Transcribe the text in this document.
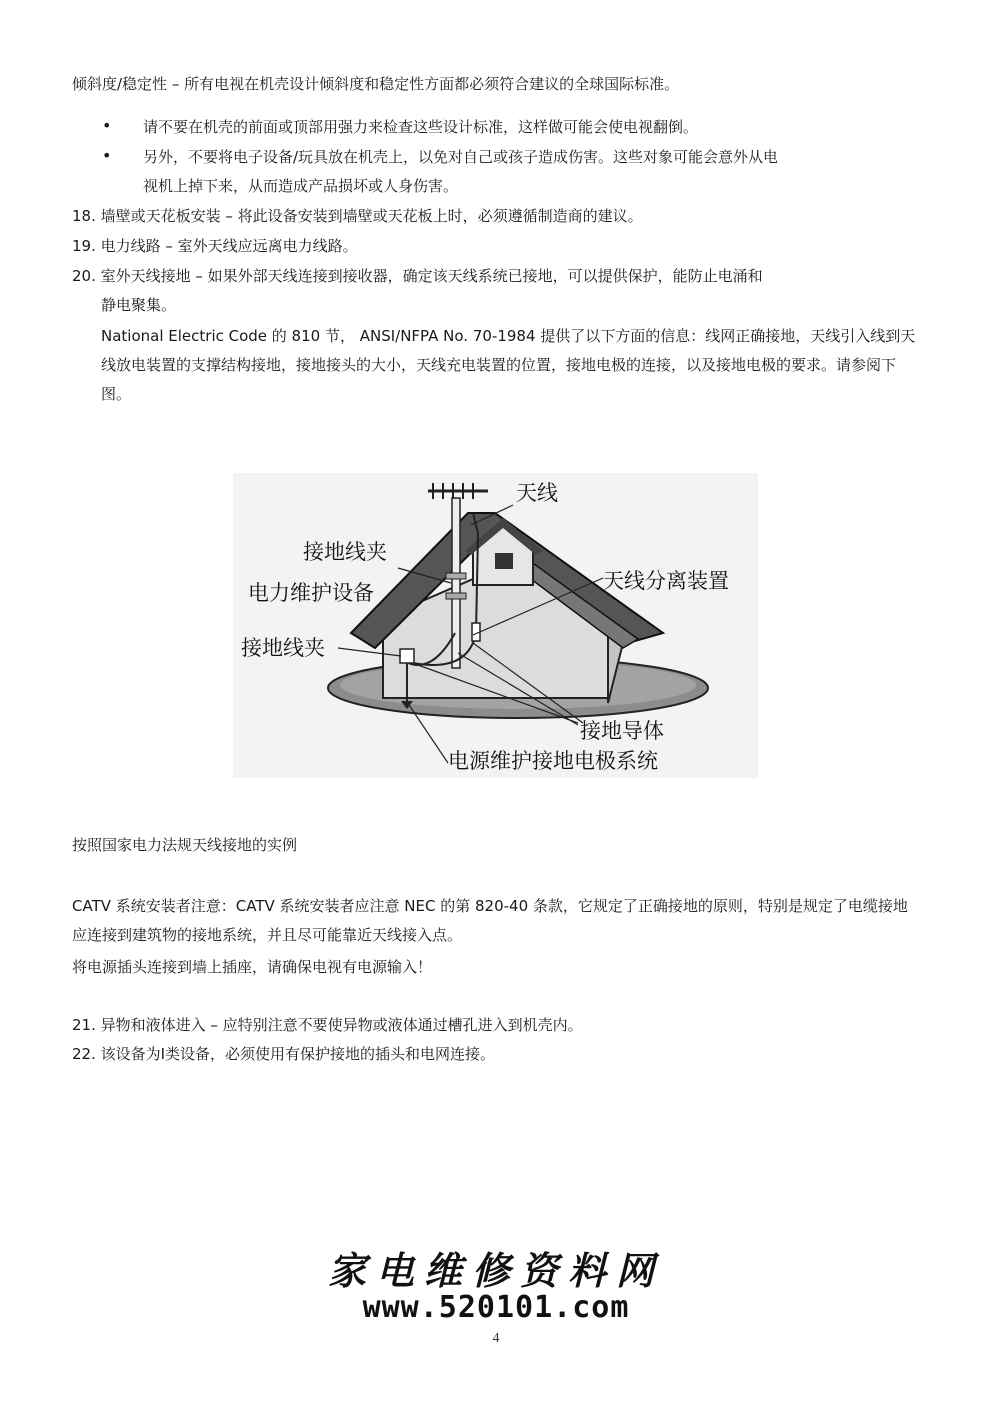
倾斜度/稳定性 – 所有电视在机壳设计倾斜度和稳定性方面都必须符合建议的全球国际标准。
• 请不要在机壳的前面或顶部用强力来检查这些设计标准，这样做可能会使电视翻倒。
• 另外，不要将电子设备/玩具放在机壳上，以免对自己或孩子造成伤害。这些对象可能会意外从电
视机上掉下来，从而造成产品损坏或人身伤害。
18. 墙壁或天花板安装 – 将此设备安装到墙壁或天花板上时，必须遵循制造商的建议。
19. 电力线路 – 室外天线应远离电力线路。
20. 室外天线接地 – 如果外部天线连接到接收器，确定该天线系统已接地，可以提供保护，能防止电涌和
静电聚集。
National Electric Code 的 810 节， ANSI/NFPA No. 70-1984 提供了以下方面的信息：线网正确接地，天线引入线到天线放电装置的支撑结构接地，接地接头的大小，天线充电装置的位置，接地电极的连接，以及接地电极的要求。请参阅下图。
天线
接地线夹
电力维护设备	天线分离装置
接地线夹
接地导体
电源维护接地电极系统
按照国家电力法规天线接地的实例
CATV 系统安装者注意：CATV 系统安装者应注意 NEC 的第 820-40 条款，它规定了正确接地的原则，特别是规定了电缆接地应连接到建筑物的接地系统，并且尽可能靠近天线接入点。
将电源插头连接到墙上插座，请确保电视有电源输入！
21. 异物和液体进入 – 应特别注意不要使异物或液体通过槽孔进入到机壳内。
22. 该设备为Ⅰ类设备，必须使用有保护接地的插头和电网连接。
家电维修资料网
www.520101.com
4
